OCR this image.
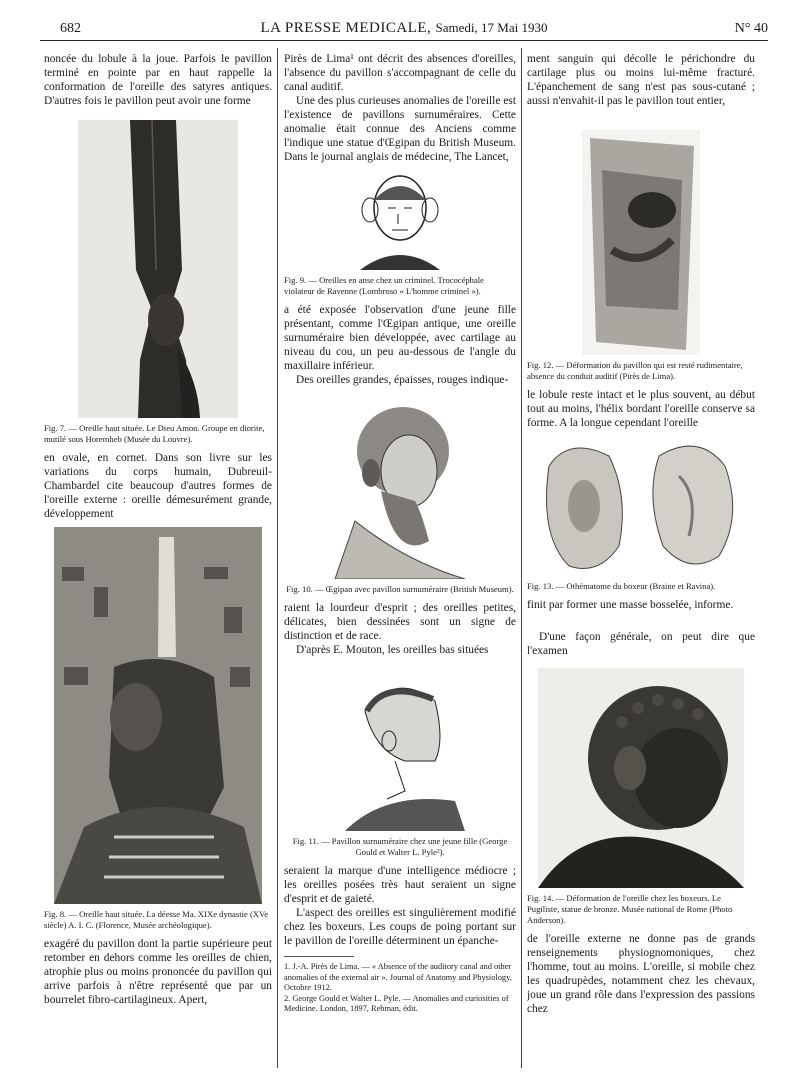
682	LA PRESSE MEDICALE, Samedi, 17 Mai 1930	N° 40

noncée du lobule à la joue. Parfois le pavillon terminé en pointe par en haut rappelle la conformation de l'oreille des satyres antiques. D'autres fois le pavillon peut avoir une forme

Fig. 7. — Oreille haut située. Le Dieu Amon. Groupe en diorite, mutilé sous Horemheb (Musée du Louvre).

en ovale, en cornet. Dans son livre sur les variations du corps humain, Dubreuil-Chambardel cite beaucoup d'autres formes de l'oreille externe : oreille démesurément grande, développement

Fig. 8. — Oreille haut située. La déesse Ma. XIXe dynastie (XVe siècle) A. I. C. (Florence, Musée archéologique).

exagéré du pavillon dont la partie supérieure peut retomber en dehors comme les oreilles de chien, atrophie plus ou moins prononcée du pavillon qui arrive parfois à n'être représenté que par un bourrelet fibro-cartilagineux. Apert,

Pirès de Lima¹ ont décrit des absences d'oreilles, l'absence du pavillon s'accompagnant de celle du canal auditif.

Une des plus curieuses anomalies de l'oreille est l'existence de pavillons surnuméraires. Cette anomalie était connue des Anciens comme l'indique une statue d'Œgipan du British Museum. Dans le journal anglais de médecine, The Lancet,

Fig. 9. — Oreilles en anse chez un criminel. Trococéphale violateur de Ravenne (Lombroso « L'homme criminel »).

a été exposée l'observation d'une jeune fille présentant, comme l'Œgipan antique, une oreille surnuméraire bien développée, avec cartilage au niveau du cou, un peu au-dessous de l'angle du maxillaire inférieur.

Des oreilles grandes, épaisses, rouges indique-

Fig. 10. — Œgipan avec pavillon surnuméraire (British Museum).

raient la lourdeur d'esprit ; des oreilles petites, délicates, bien dessinées sont un signe de distinction et de race.

D'après E. Mouton, les oreilles bas situées

Fig. 11. — Pavillon surnuméraire chez une jeune fille (George Gould et Walter L. Pyle²).

seraient la marque d'une intelligence médiocre ; les oreilles posées très haut seraient un signe d'esprit et de gaieté.

L'aspect des oreilles est singulièrement modifié chez les boxeurs. Les coups de poing portant sur le pavillon de l'oreille déterminent un épanche-

1. J.-A. Pirès de Lima. — « Absence of the auditory canal and other anomalies of the external air ». Journal of Anatomy and Physiology, Octobre 1912.

2. George Gould et Walter L. Pyle. — Anomalies and curiosities of Medicine. London, 1897, Rebman, édit.

ment sanguin qui décolle le périchondre du cartilage plus ou moins lui-même fracturé. L'épanchement de sang n'est pas sous-cutané ; aussi n'envahit-il pas le pavillon tout entier,

Fig. 12. — Déformation du pavillon qui est resté rudimentaire, absence du conduit auditif (Pirès de Lima).

le lobule reste intact et le plus souvent, au début tout au moins, l'hélix bordant l'oreille conserve sa forme. A la longue cependant l'oreille

Fig. 13. — Othématome du boxeur (Braine et Ravina).

finit par former une masse bosselée, informe.

D'une façon générale, on peut dire que l'examen

Fig. 14. — Déformation de l'oreille chez les boxeurs. Le Pugiliste, statue de bronze. Musée national de Rome (Photo Anderson).

de l'oreille externe ne donne pas de grands renseignements physiognomoniques, chez l'homme, tout au moins. L'oreille, si mobile chez les quadrupèdes, notamment chez les chevaux, joue un grand rôle dans l'expression des passions chez
